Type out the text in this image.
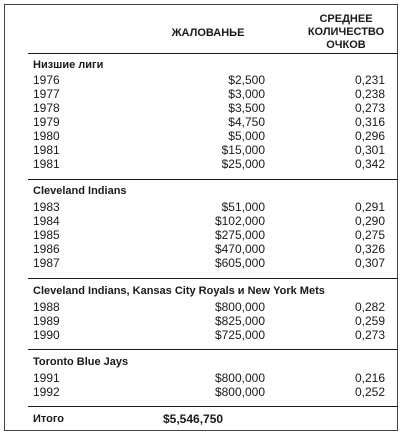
ЖАЛОВАНЬЕ
СРЕДНЕЕ КОЛИЧЕСТВО ОЧКОВ
Низшие лиги
1976	$2,500	0,231
1977	$3,000	0,238
1978	$3,500	0,273
1979	$4,750	0,316
1980	$5,000	0,296
1981	$15,000	0,301
1981	$25,000	0,342
Cleveland Indians
1983	$51,000	0,291
1984	$102,000	0,290
1985	$275,000	0,275
1986	$470,000	0,326
1987	$605,000	0,307
Cleveland Indians, Kansas City Royals и New York Mets
1988	$800,000	0,282
1989	$825,000	0,259
1990	$725,000	0,273
Toronto Blue Jays
1991	$800,000	0,216
1992	$800,000	0,252
Итого	$5,546,750
